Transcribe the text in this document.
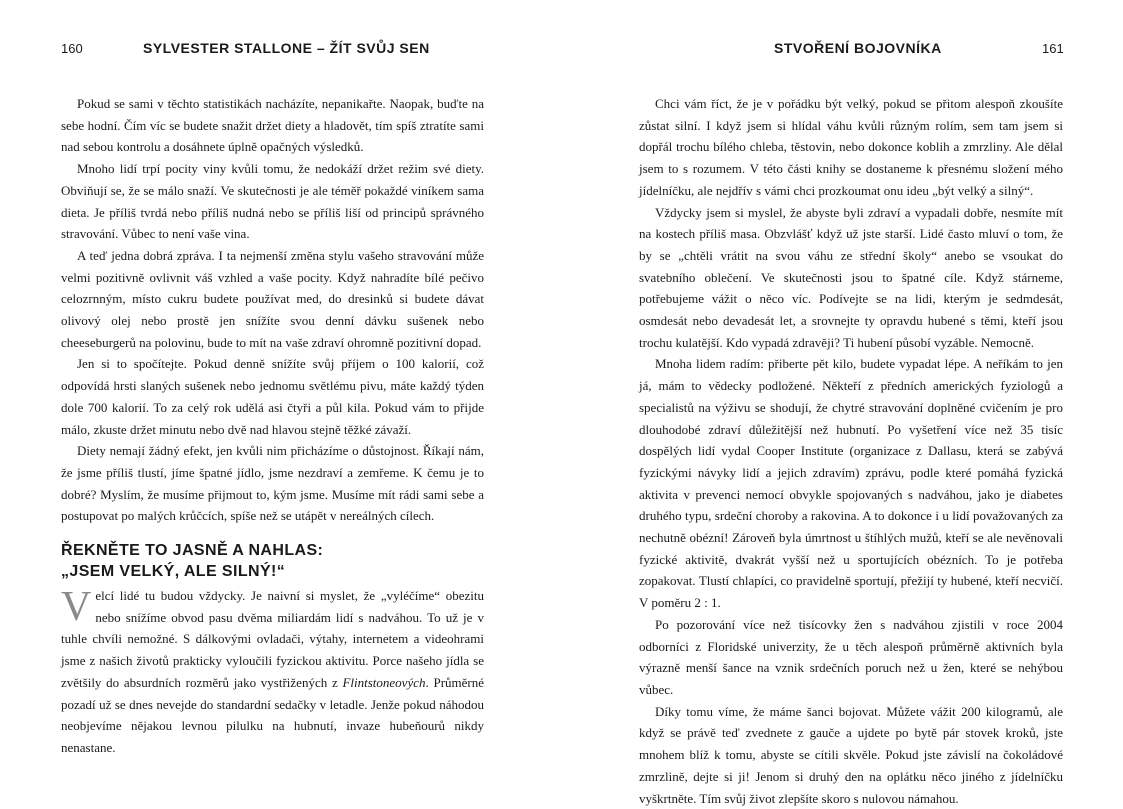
160	SYLVESTER STALLONE – ŽÍT SVŮJ SEN

Pokud se sami v těchto statistikách nacházíte, nepanikařte. Naopak, buďte na sebe hodní. Čím víc se budete snažit držet diety a hladovět, tím spíš ztratíte sami nad sebou kontrolu a dosáhnete úplně opačných výsledků.

Mnoho lidí trpí pocity viny kvůli tomu, že nedokáží držet režim své diety. Obviňují se, že se málo snaží. Ve skutečnosti je ale téměř pokaždé viníkem sama dieta. Je příliš tvrdá nebo příliš nudná nebo se příliš liší od principů správného stravování. Vůbec to není vaše vina.

A teď jedna dobrá zpráva. I ta nejmenší změna stylu vašeho stravování může velmi pozitivně ovlivnit váš vzhled a vaše pocity. Když nahradíte bílé pečivo celozrnným, místo cukru budete používat med, do dresinků si budete dávat olivový olej nebo prostě jen snížíte svou denní dávku sušenek nebo cheeseburgerů na polovinu, bude to mít na vaše zdraví ohromně pozitivní dopad.

Jen si to spočítejte. Pokud denně snížíte svůj příjem o 100 kalorií, což odpovídá hrsti slaných sušenek nebo jednomu světlému pivu, máte každý týden dole 700 kalorií. To za celý rok udělá asi čtyři a půl kila. Pokud vám to přijde málo, zkuste držet minutu nebo dvě nad hlavou stejně těžké závaží.

Diety nemají žádný efekt, jen kvůli nim přicházíme o důstojnost. Říkají nám, že jsme příliš tlustí, jíme špatné jídlo, jsme nezdraví a zemřeme. K čemu je to dobré? Myslím, že musíme přijmout to, kým jsme. Musíme mít rádi sami sebe a postupovat po malých krůčcích, spíše než se utápět v nereálných cílech.

ŘEKNĚTE TO JASNĚ A NAHLAS:

„JSEM VELKÝ, ALE SILNÝ!“

Velcí lidé tu budou vždycky. Je naivní si myslet, že „vyléčíme“ obezitu nebo snížíme obvod pasu dvěma miliardám lidí s nadváhou. To už je v tuhle chvíli nemožné. S dálkovými ovladači, výtahy, internetem a videohrami jsme z našich životů prakticky vyloučili fyzickou aktivitu. Porce našeho jídla se zvětšily do absurdních rozměrů jako vystřižených z Flintstoneových. Průměrné pozadí už se dnes nevejde do standardní sedačky v letadle. Jenže pokud náhodou neobjevíme nějakou levnou pilulku na hubnutí, invaze hubeňourů nikdy nenastane.
STVOŘENÍ BOJOVNÍKA	161

Chci vám říct, že je v pořádku být velký, pokud se přitom alespoň zkoušíte zůstat silní. I když jsem si hlídal váhu kvůli různým rolím, sem tam jsem si dopřál trochu bílého chleba, těstovin, nebo dokonce koblih a zmrzliny. Ale dělal jsem to s rozumem. V této části knihy se dostaneme k přesnému složení mého jídelníčku, ale nejdřív s vámi chci prozkoumat onu ideu „být velký a silný“.

Vždycky jsem si myslel, že abyste byli zdraví a vypadali dobře, nesmíte mít na kostech příliš masa. Obzvlášť když už jste starší. Lidé často mluví o tom, že by se „chtěli vrátit na svou váhu ze střední školy“ anebo se vsoukat do svatebního oblečení. Ve skutečnosti jsou to špatné cíle. Když stárneme, potřebujeme vážit o něco víc. Podívejte se na lidi, kterým je sedmdesát, osmdesát nebo devadesát let, a srovnejte ty opravdu hubené s těmi, kteří jsou trochu kulatější. Kdo vypadá zdravěji? Ti hubení působí vyzáble. Nemocně.

Mnoha lidem radím: přiberte pět kilo, budete vypadat lépe. A neříkám to jen já, mám to vědecky podložené. Někteří z předních amerických fyziologů a specialistů na výživu se shodují, že chytré stravování doplněné cvičením je pro dlouhodobé zdraví důležitější než hubnutí. Po vyšetření více než 35 tisíc dospělých lidí vydal Cooper Institute (organizace z Dallasu, která se zabývá fyzickými návyky lidí a jejich zdravím) zprávu, podle které pomáhá fyzická aktivita v prevenci nemocí obvykle spojovaných s nadváhou, jako je diabetes druhého typu, srdeční choroby a rakovina. A to dokonce i u lidí považovaných za nechutně obézní! Zároveň byla úmrtnost u štíhlých mužů, kteří se ale nevěnovali fyzické aktivitě, dvakrát vyšší než u sportujících obézních. To je potřeba zopakovat. Tlustí chlapíci, co pravidelně sportují, přežijí ty hubené, kteří necvičí. V poměru 2 : 1.

Po pozorování více než tisícovky žen s nadváhou zjistili v roce 2004 odborníci z Floridské univerzity, že u těch alespoň průměrně aktivních byla výrazně menší šance na vznik srdečních poruch než u žen, které se nehýbou vůbec.

Díky tomu víme, že máme šanci bojovat. Můžete vážit 200 kilogramů, ale když se právě teď zvednete z gauče a ujdete po bytě pár stovek kroků, jste mnohem blíž k tomu, abyste se cítili skvěle. Pokud jste závislí na čokoládové zmrzlině, dejte si ji! Jenom si druhý den na oplátku něco jiného z jídelníčku vyškrtněte. Tím svůj život zlepšíte skoro s nulovou námahou.
